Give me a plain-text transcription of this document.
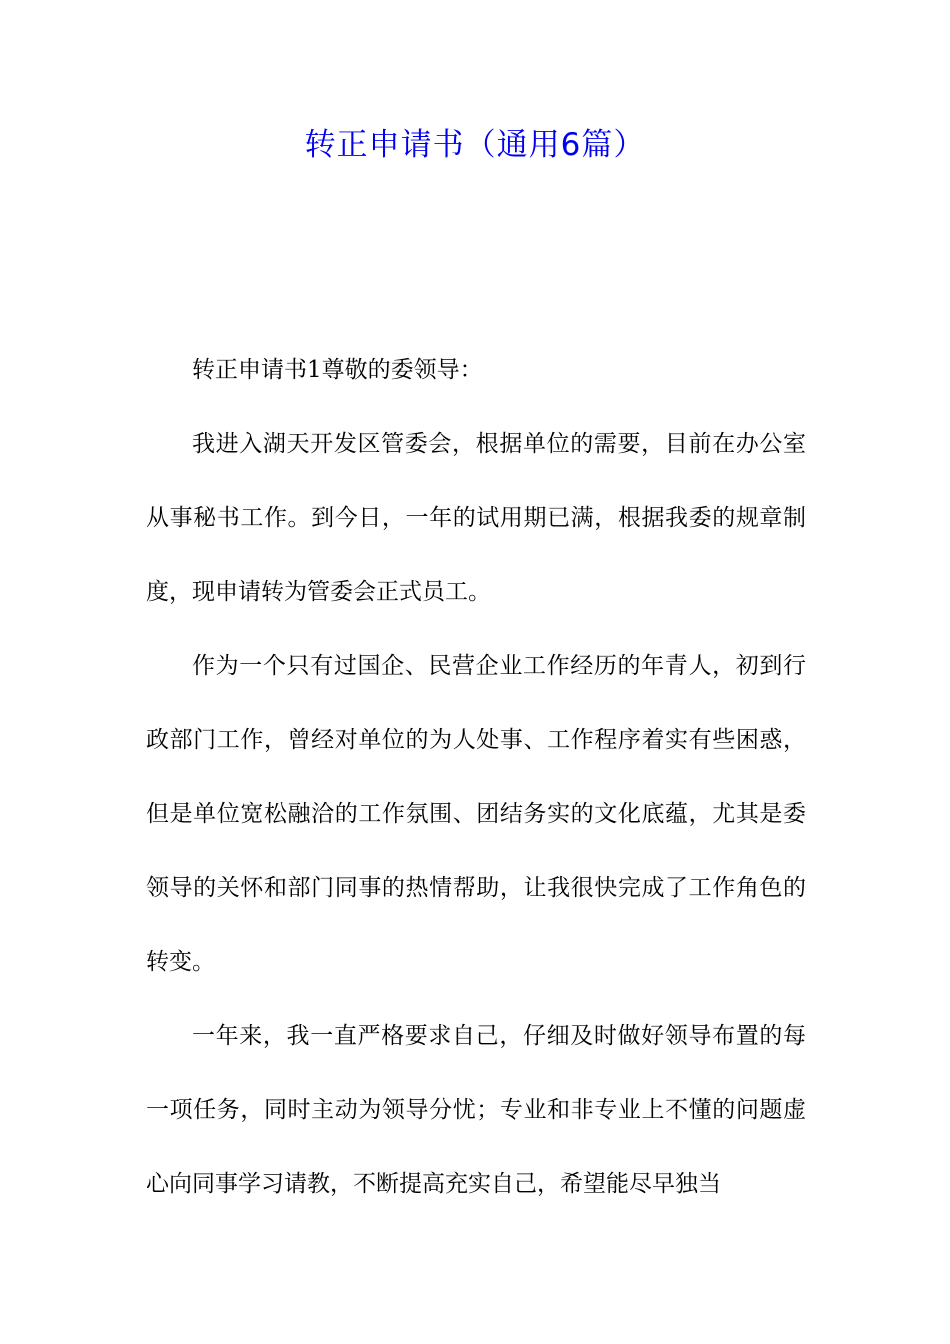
转正申请书（通用6篇）

转正申请书1尊敬的委领导：

我进入湖天开发区管委会，根据单位的需要，目前在办公室从事秘书工作。到今日，一年的试用期已满，根据我委的规章制度，现申请转为管委会正式员工。

作为一个只有过国企、民营企业工作经历的年青人，初到行政部门工作，曾经对单位的为人处事、工作程序着实有些困惑，但是单位宽松融洽的工作氛围、团结务实的文化底蕴，尤其是委领导的关怀和部门同事的热情帮助，让我很快完成了工作角色的转变。

一年来，我一直严格要求自己，仔细及时做好领导布置的每一项任务，同时主动为领导分忧；专业和非专业上不懂的问题虚心向同事学习请教，不断提高充实自己，希望能尽早独当
